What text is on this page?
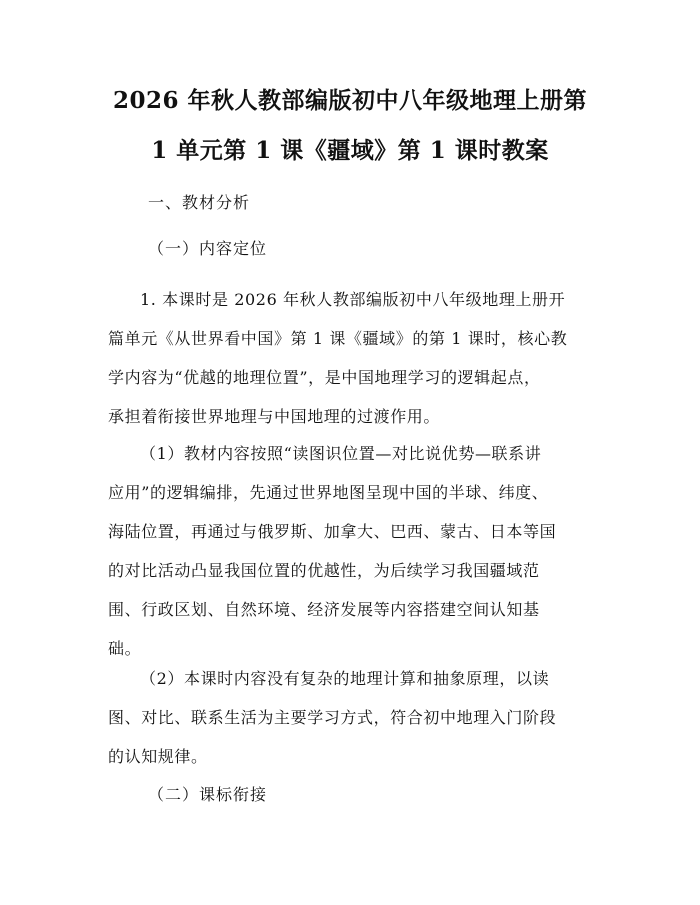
2026 年秋人教部编版初中八年级地理上册第
1 单元第 1 课《疆域》第 1 课时教案
一、教材分析
（一）内容定位
1. 本课时是 2026 年秋人教部编版初中八年级地理上册开
篇单元《从世界看中国》第 1 课《疆域》的第 1 课时，核心教
学内容为“优越的地理位置”，是中国地理学习的逻辑起点，
承担着衔接世界地理与中国地理的过渡作用。
（1）教材内容按照“读图识位置—对比说优势—联系讲
应用”的逻辑编排，先通过世界地图呈现中国的半球、纬度、
海陆位置，再通过与俄罗斯、加拿大、巴西、蒙古、日本等国
的对比活动凸显我国位置的优越性，为后续学习我国疆域范
围、行政区划、自然环境、经济发展等内容搭建空间认知基
础。
（2）本课时内容没有复杂的地理计算和抽象原理，以读
图、对比、联系生活为主要学习方式，符合初中地理入门阶段
的认知规律。
（二）课标衔接
